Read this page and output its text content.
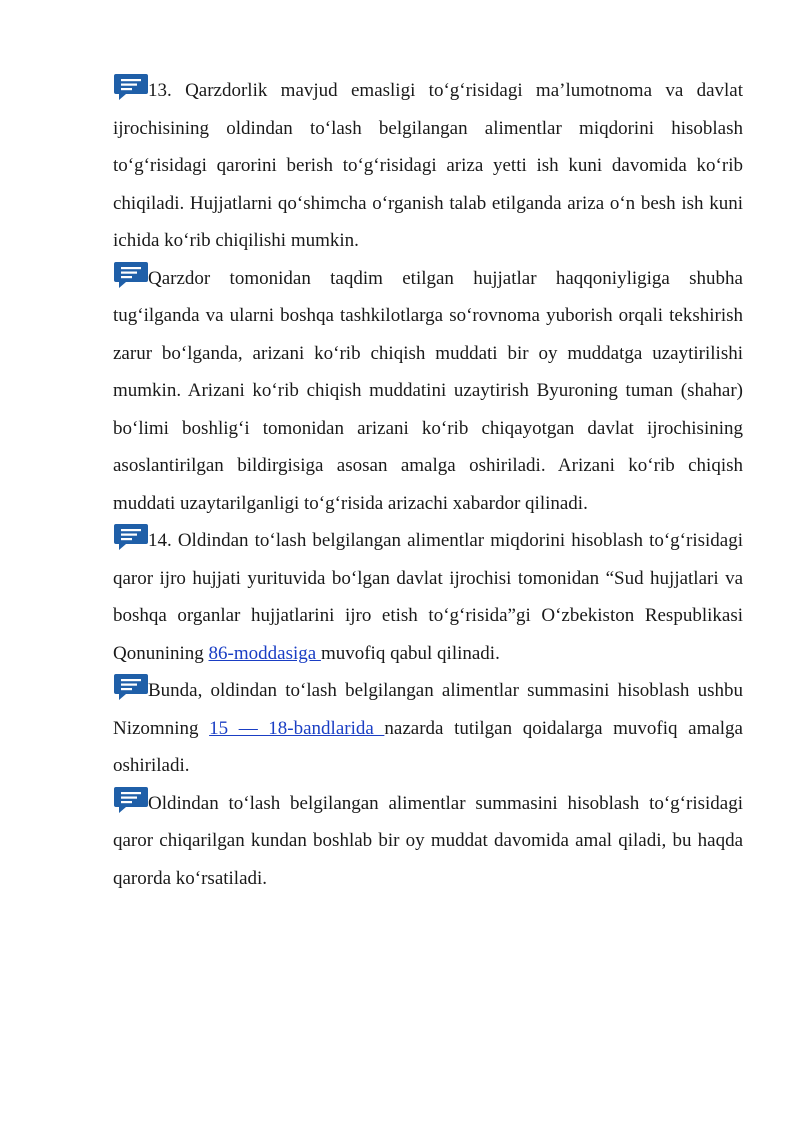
13. Qarzdorlik mavjud emasligi to‘g‘risidagi ma’lumotnoma va davlat ijrochisining oldindan to‘lash belgilangan alimentlar miqdorini hisoblash to‘g‘risidagi qarorini berish to‘g‘risidagi ariza yetti ish kuni davomida ko‘rib chiqiladi. Hujjatlarni qo‘shimcha o‘rganish talab etilganda ariza o‘n besh ish kuni ichida ko‘rib chiqilishi mumkin.

Qarzdor tomonidan taqdim etilgan hujjatlar haqqoniyligiga shubha tug‘ilganda va ularni boshqa tashkilotlarga so‘rovnoma yuborish orqali tekshirish zarur bo‘lganda, arizani ko‘rib chiqish muddati bir oy muddatga uzaytirilishi mumkin. Arizani ko‘rib chiqish muddatini uzaytirish Byuroning tuman (shahar) bo‘limi boshlig‘i tomonidan arizani ko‘rib chiqayotgan davlat ijrochisining asoslantirilgan bildirgisiga asosan amalga oshiriladi. Arizani ko‘rib chiqish muddati uzaytarilganligi to‘g‘risida arizachi xabardor qilinadi.

14. Oldindan to‘lash belgilangan alimentlar miqdorini hisoblash to‘g‘risidagi qaror ijro hujjati yurituvida bo‘lgan davlat ijrochisi tomonidan “Sud hujjatlari va boshqa organlar hujjatlarini ijro etish to‘g‘risida”gi O‘zbekiston Respublikasi Qonunining 86-moddasiga muvofiq qabul qilinadi.

Bunda, oldindan to‘lash belgilangan alimentlar summasini hisoblash ushbu Nizomning 15 — 18-bandlarida nazarda tutilgan qoidalarga muvofiq amalga oshiriladi.

Oldindan to‘lash belgilangan alimentlar summasini hisoblash to‘g‘risidagi qaror chiqarilgan kundan boshlab bir oy muddat davomida amal qiladi, bu haqda qarorda ko‘rsatiladi.
